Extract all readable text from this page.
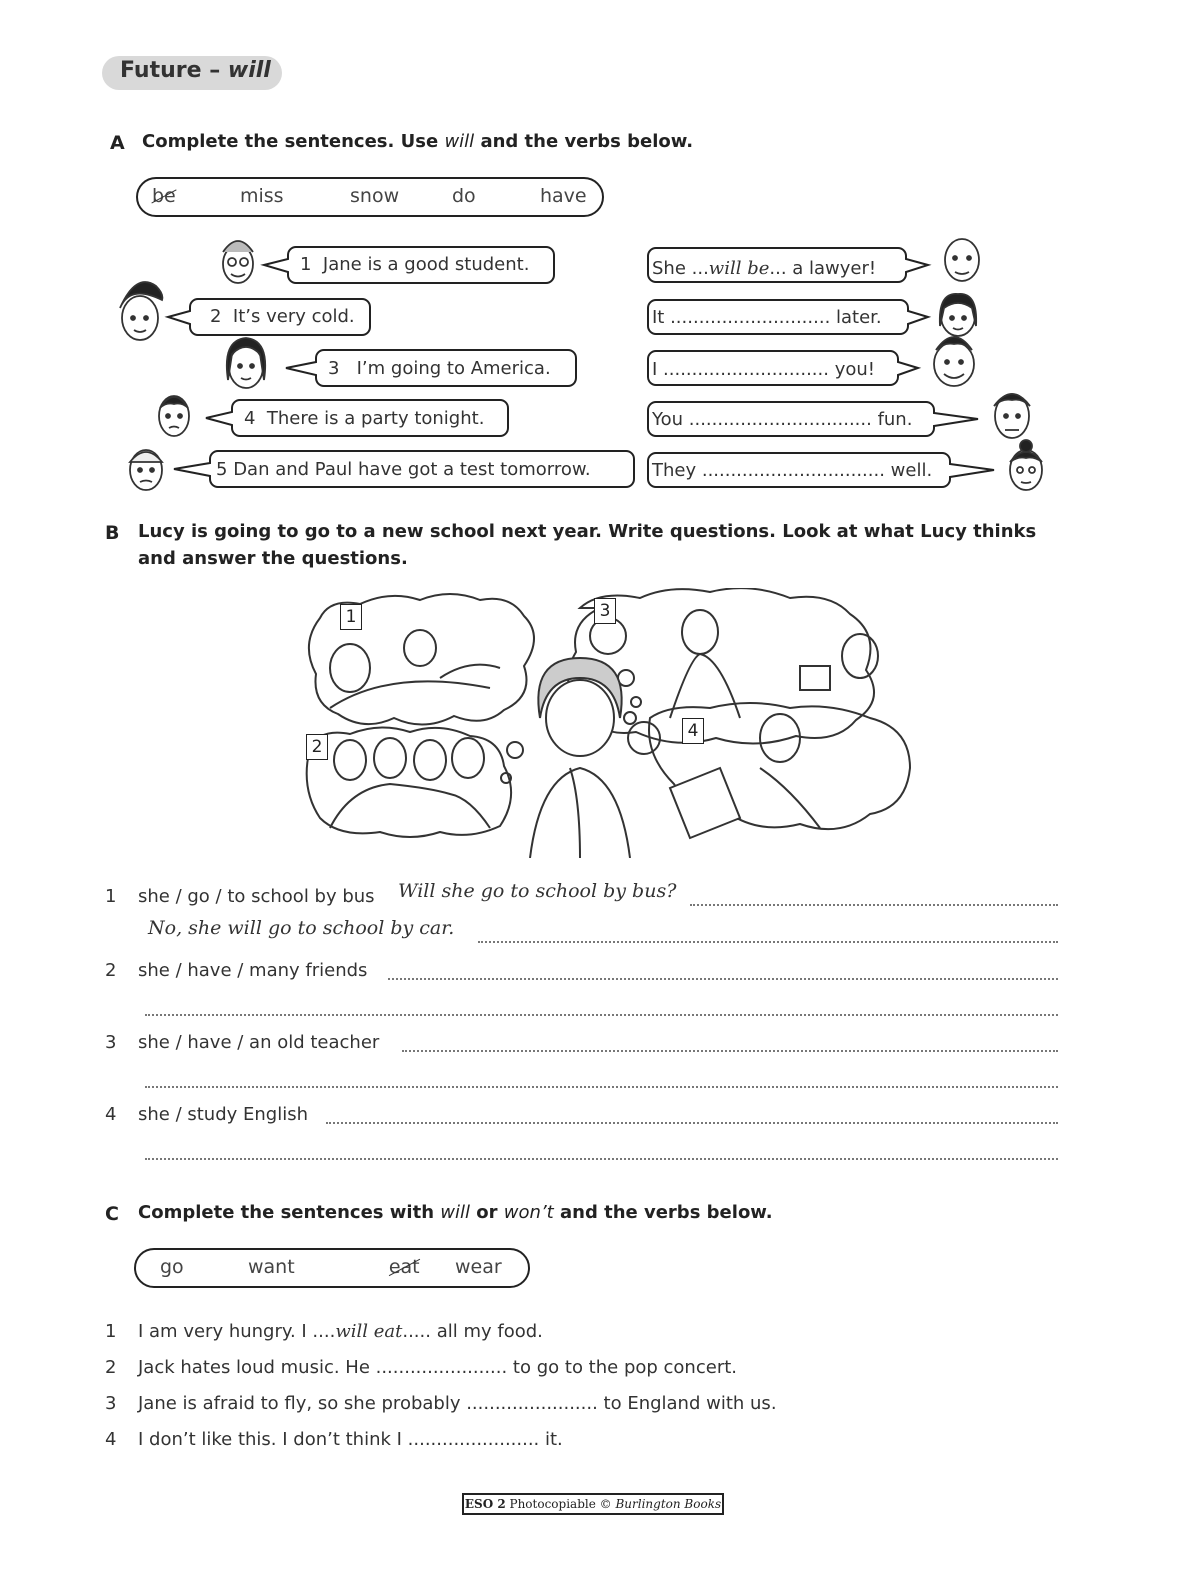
Future – will
A Complete the sentences. Use will and the verbs below.
be	miss	snow	do	have
1 Jane is a good student.
2 It’s very cold.
3 I’m going to America.
4 There is a party tonight.
5 Dan and Paul have got a test tomorrow.
She ...will be... a lawyer!
It ............................ later.
I ............................. you!
You ................................ fun.
They ................................ well.
B Lucy is going to go to a new school next year. Write questions. Look at what Lucy thinks
and answer the questions.
1
2
3
4
1 she / go / to school by bus Will she go to school by bus?
No, she will go to school by car.
2 she / have / many friends
3 she / have / an old teacher
4 she / study English
C Complete the sentences with will or won’t and the verbs below.
go	want	eat wear
1 I am very hungry. I ....will eat..... all my food.
2 Jack hates loud music. He ....................... to go to the pop concert.
3 Jane is afraid to fly, so she probably ....................... to England with us.
4 I don’t like this. I don’t think I ....................... it.
ESO 2 Photocopiable © Burlington Books
